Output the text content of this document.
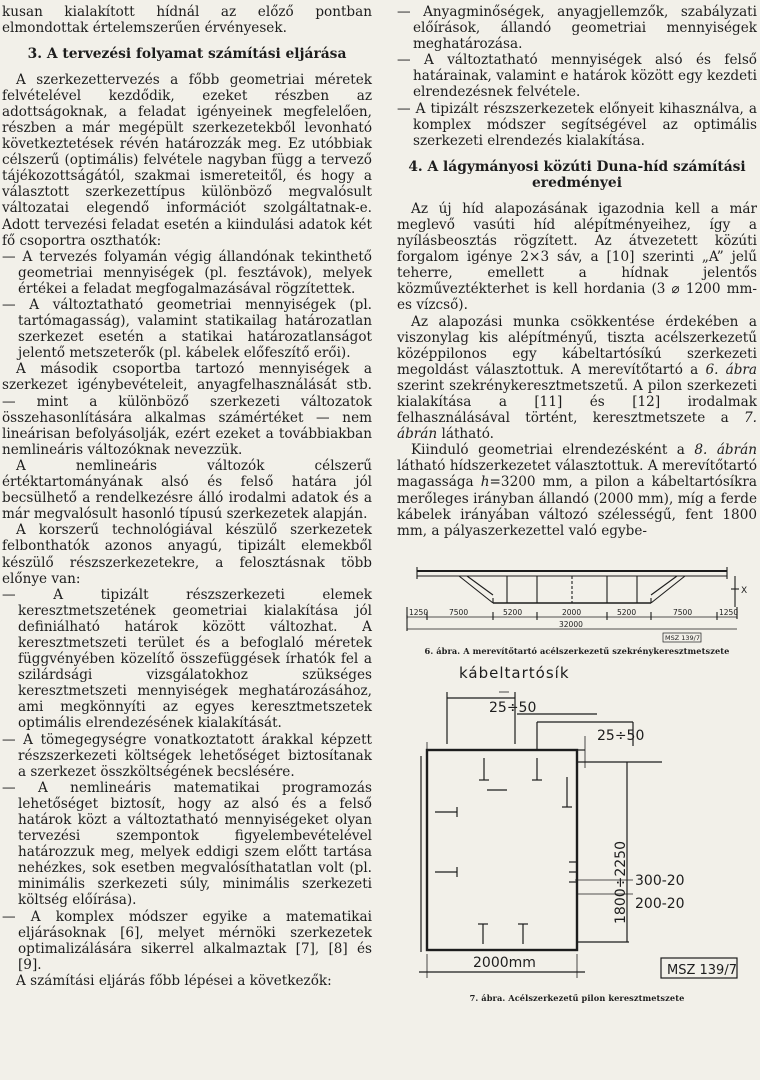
kusan kialakított hídnál az előző pontban elmondottak értelemszerűen érvényesek.

3. A tervezési folyamat számítási eljárása

A szerkezettervezés a főbb geometriai méretek felvételével kezdődik, ezeket részben az adottságoknak, a feladat igényeinek megfelelően, részben a már megépült szerkezetekből levonható következtetések révén határozzák meg. Ez utóbbiak célszerű (optimális) felvétele nagyban függ a tervező tájékozottságától, szakmai ismereteitől, és hogy a választott szerkezettípus különböző megvalósult változatai elegendő információt szolgáltatnak-e. Adott tervezési feladat esetén a kiindulási adatok két fő csoportra oszthatók:

— A tervezés folyamán végig állandónak tekinthető geometriai mennyiségek (pl. fesztávok), melyek értékei a feladat megfogalmazásával rögzítettek.
— A változtatható geometriai mennyiségek (pl. tartómagasság), valamint statikailag határozatlan szerkezet esetén a statikai határozatlanságot jelentő metszeterők (pl. kábelek előfeszítő erői).

A második csoportba tartozó mennyiségek a szerkezet igénybevételeit, anyagfelhasználását stb. — mint a különböző szerkezeti változatok összehasonlítására alkalmas számértéket — nem lineárisan befolyásolják, ezért ezeket a továbbiakban nemlineáris változóknak nevezzük.

A nemlineáris változók célszerű értéktartományának alsó és felső határa jól becsülhető a rendelkezésre álló irodalmi adatok és a már megvalósult hasonló típusú szerkezetek alapján.

A korszerű technológiával készülő szerkezetek felbonthatók azonos anyagú, tipizált elemekből készülő részszerkezetekre, a felosztásnak több előnye van:

— A tipizált részszerkezeti elemek keresztmetszetének geometriai kialakítása jól definiálható határok között változhat. A keresztmetszeti terület és a befoglaló méretek függvényében közelítő összefüggések írhatók fel a szilárdsági vizsgálatokhoz szükséges keresztmetszeti mennyiségek meghatározásához, ami megkönnyíti az egyes keresztmetszetek optimális elrendezésének kialakítását.
— A tömegegységre vonatkoztatott árakkal képzett részszerkezeti költségek lehetőséget biztosítanak a szerkezet összköltségének becslésére.
— A nemlineáris matematikai programozás lehetőséget biztosít, hogy az alsó és a felső határok közt a változtatható mennyiségeket olyan tervezési szempontok figyelembevételével határozzuk meg, melyek eddigi szem előtt tartása nehézkes, sok esetben megvalósíthatatlan volt (pl. minimális szerkezeti súly, minimális szerkezeti költség előírása).
— A komplex módszer egyike a matematikai eljárásoknak [6], melyet mérnöki szerkezetek optimalizálására sikerrel alkalmaztak [7], [8] és [9].

A számítási eljárás főbb lépései a következők:

— Anyagminőségek, anyagjellemzők, szabályzati előírások, állandó geometriai mennyiségek meghatározása.
— A változtatható mennyiségek alsó és felső határainak, valamint e határok között egy kezdeti elrendezésnek felvétele.
— A tipizált részszerkezetek előnyeit kihasználva, a komplex módszer segítségével az optimális szerkezeti elrendezés kialakítása.
4. A lágymányosi közúti Duna-híd számítási eredményei

Az új híd alapozásának igazodnia kell a már meglevő vasúti híd alépítményeihez, így a nyílásbeosztás rögzített. Az átvezetett közúti forgalom igénye 2×3 sáv, a [10] szerinti „A” jelű teherre, emellett a hídnak jelentős közműveztékterhet is kell hordania (3 ⌀ 1200 mm-es vízcső).

Az alapozási munka csökkentése érdekében a viszonylag kis alépítményű, tiszta acélszerkezetű középpilonos egy kábeltartósíkú szerkezeti megoldást választottuk. A merevítőtartó a 6. ábra szerint szekrénykeresztmetszetű. A pilon szerkezeti kialakítása a [11] és [12] irodalmak felhasználásával történt, keresztmetszete a 7. ábrán látható.

Kiinduló geometriai elrendezésként a 8. ábrán látható hídszerkezetet választottuk. A merevítőtartó magassága h=3200 mm, a pilon a kábeltartósíkra merőleges irányban állandó (2000 mm), míg a ferde kábelek irányában változó szélességű, fent 1800 mm, a pályaszerkezettel való egybe-

1250	7500	5200	2000	5200	7500	1250
32000
X
MSZ 139/7
6. ábra. A merevítőtartó acélszerkezetű szekrénykeresztmetszete
kábeltartósík
25÷50
25÷50
1800÷2250 300-20
200-20
2000mm	MSZ 139/7
7. ábra. Acélszerkezetű pilon keresztmetszete
